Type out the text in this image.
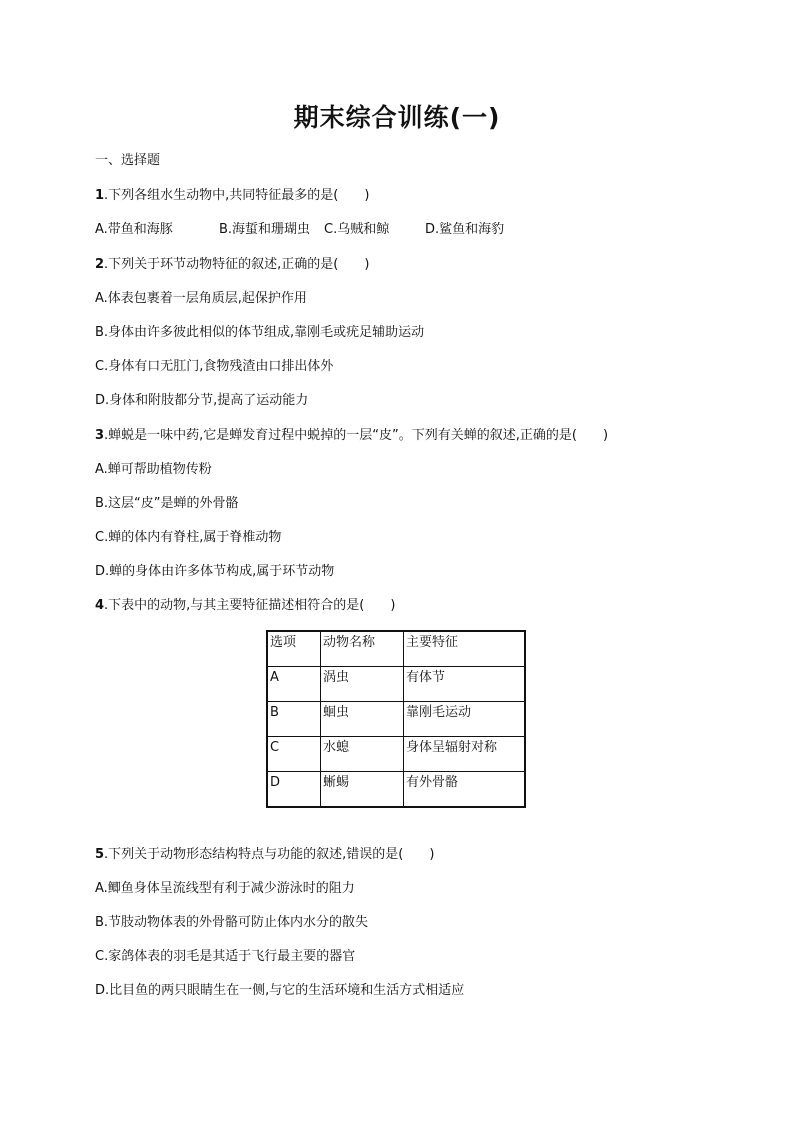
期末综合训练(一)
一、选择题
1.下列各组水生动物中,共同特征最多的是(　　)
A.带鱼和海豚	B.海蜇和珊瑚虫 C.乌贼和鲸	D.鲨鱼和海豹
2.下列关于环节动物特征的叙述,正确的是(　　)
A.体表包裹着一层角质层,起保护作用
B.身体由许多彼此相似的体节组成,靠刚毛或疣足辅助运动
C.身体有口无肛门,食物残渣由口排出体外
D.身体和附肢都分节,提高了运动能力
3.蝉蜕是一味中药,它是蝉发育过程中蜕掉的一层“皮”。下列有关蝉的叙述,正确的是(　　)
A.蝉可帮助植物传粉
B.这层“皮”是蝉的外骨骼
C.蝉的体内有脊柱,属于脊椎动物
D.蝉的身体由许多体节构成,属于环节动物
4.下表中的动物,与其主要特征描述相符合的是(　　)
选项	动物名称	主要特征
A	涡虫	有体节
B	蛔虫	靠刚毛运动
C	水螅	身体呈辐射对称
D	蜥蜴	有外骨骼
5.下列关于动物形态结构特点与功能的叙述,错误的是(　　)
A.鲫鱼身体呈流线型有利于减少游泳时的阻力
B.节肢动物体表的外骨骼可防止体内水分的散失
C.家鸽体表的羽毛是其适于飞行最主要的器官
D.比目鱼的两只眼睛生在一侧,与它的生活环境和生活方式相适应
